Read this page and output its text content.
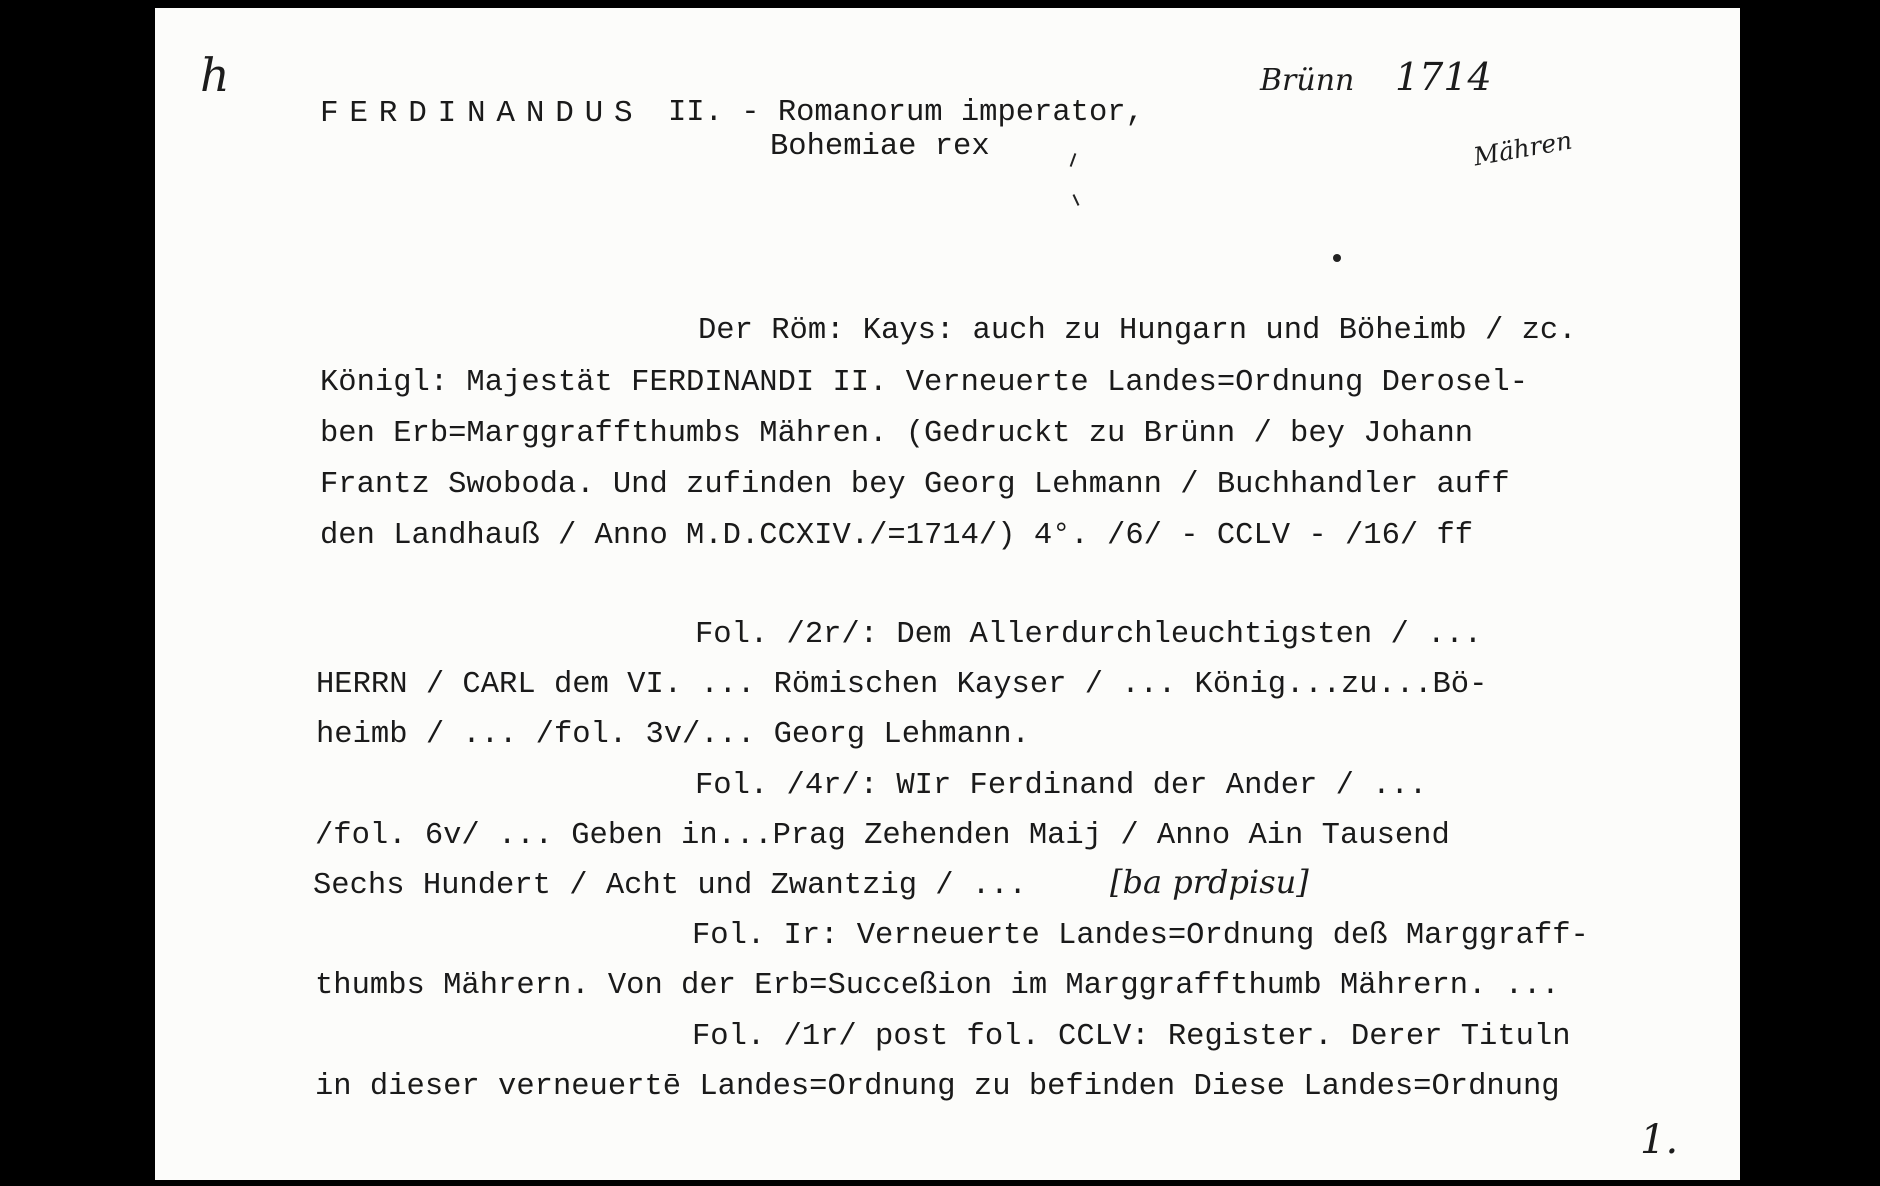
h
FERDINANDUS II. - Romanorum imperator,
Bohemiae rex
Brünn 1714
Mähren
Der Röm: Kays: auch zu Hungarn und Böheimb / zc.
Königl: Majestät FERDINANDI II. Verneuerte Landes=Ordnung Derosel-
ben Erb=Marggraffthumbs Mähren. (Gedruckt zu Brünn / bey Johann
Frantz Swoboda. Und zufinden bey Georg Lehmann / Buchhandler auff
den Landhauß / Anno M.D.CCXIV./=1714/) 4°. /6/ - CCLV - /16/ ff
Fol. /2r/: Dem Allerdurchleuchtigsten / ...
HERRN / CARL dem VI. ... Römischen Kayser / ... König...zu...Bö-
heimb / ... /fol. 3v/... Georg Lehmann.
Fol. /4r/: WIr Ferdinand der Ander / ...
/fol. 6v/ ... Geben in...Prag Zehenden Maij / Anno Ain Tausend
Sechs Hundert / Acht und Zwantzig / ...	[ba prdpisu]
Fol. Ir: Verneuerte Landes=Ordnung deß Marggraff-
thumbs Mährern. Von der Erb=Succeßion im Marggraffthumb Mährern. ...
Fol. /1r/ post fol. CCLV: Register. Derer Tituln
in dieser verneuertē Landes=Ordnung zu befinden Diese Landes=Ordnung
1.
